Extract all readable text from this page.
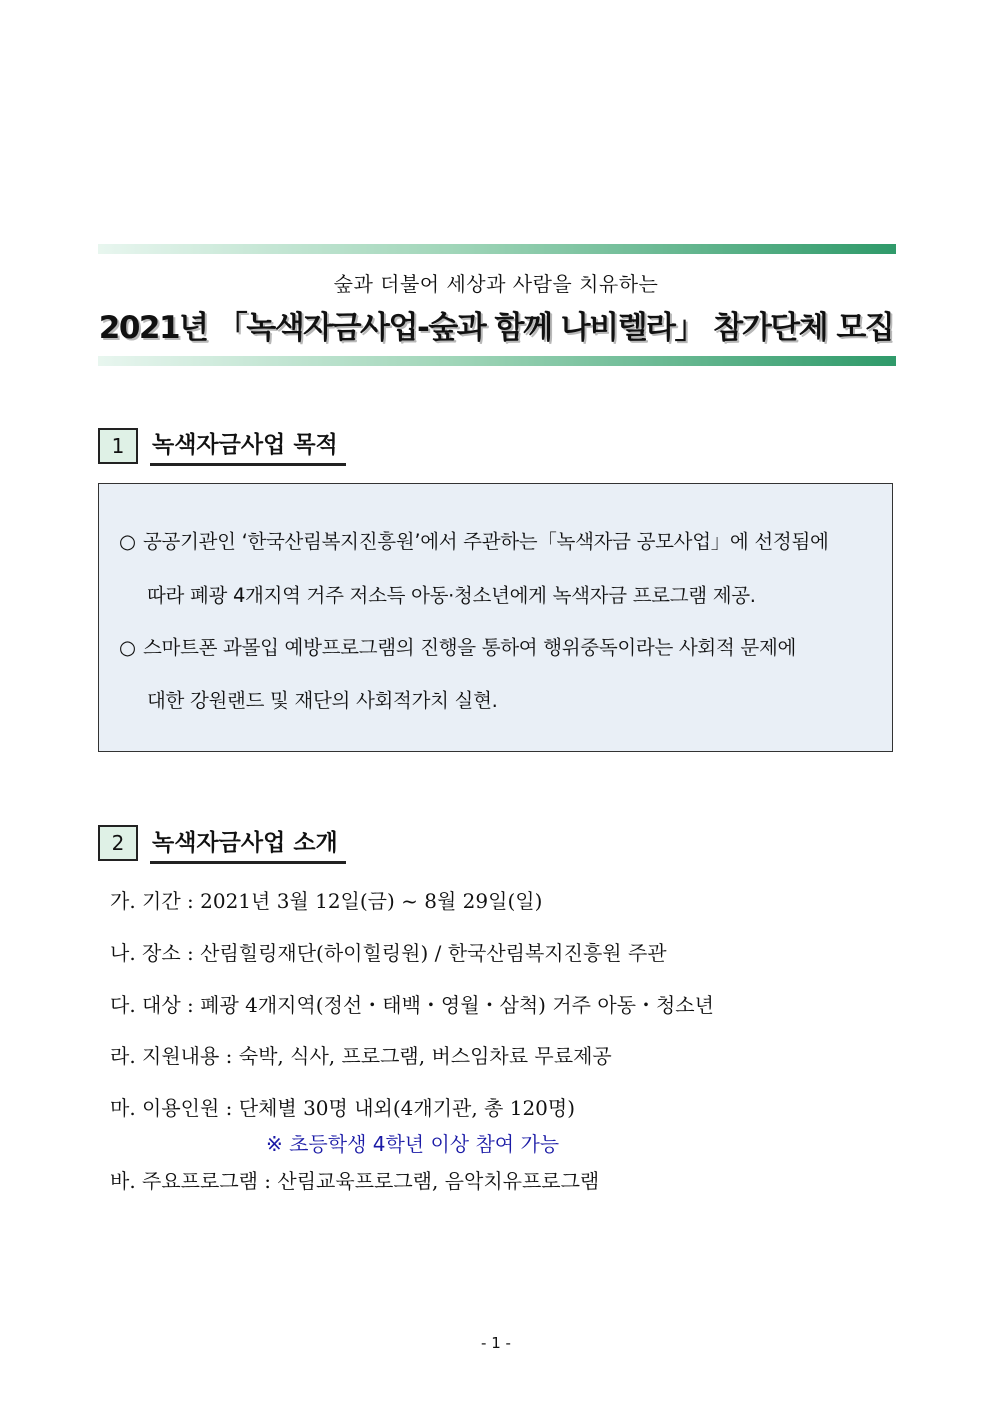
숲과 더불어 세상과 사람을 치유하는
2021년 「녹색자금사업-숲과 함께 나비렐라」 참가단체 모집
1	녹색자금사업 목적
○ 공공기관인 ‘한국산림복지진흥원’에서 주관하는「녹색자금 공모사업」에 선정됨에
따라 폐광 4개지역 거주 저소득 아동·청소년에게 녹색자금 프로그램 제공.
○ 스마트폰 과몰입 예방프로그램의 진행을 통하여 행위중독이라는 사회적 문제에
대한 강원랜드 및 재단의 사회적가치 실현.
2	녹색자금사업 소개
가. 기간 : 2021년 3월 12일(금) ~ 8월 29일(일)
나. 장소 : 산림힐링재단(하이힐링원) / 한국산림복지진흥원 주관
다. 대상 : 폐광 4개지역(정선・태백・영월・삼척) 거주 아동・청소년
라. 지원내용 : 숙박, 식사, 프로그램, 버스임차료 무료제공
마. 이용인원 : 단체별 30명 내외(4개기관, 총 120명)
※ 초등학생 4학년 이상 참여 가능
바. 주요프로그램 : 산림교육프로그램, 음악치유프로그램
- 1 -
